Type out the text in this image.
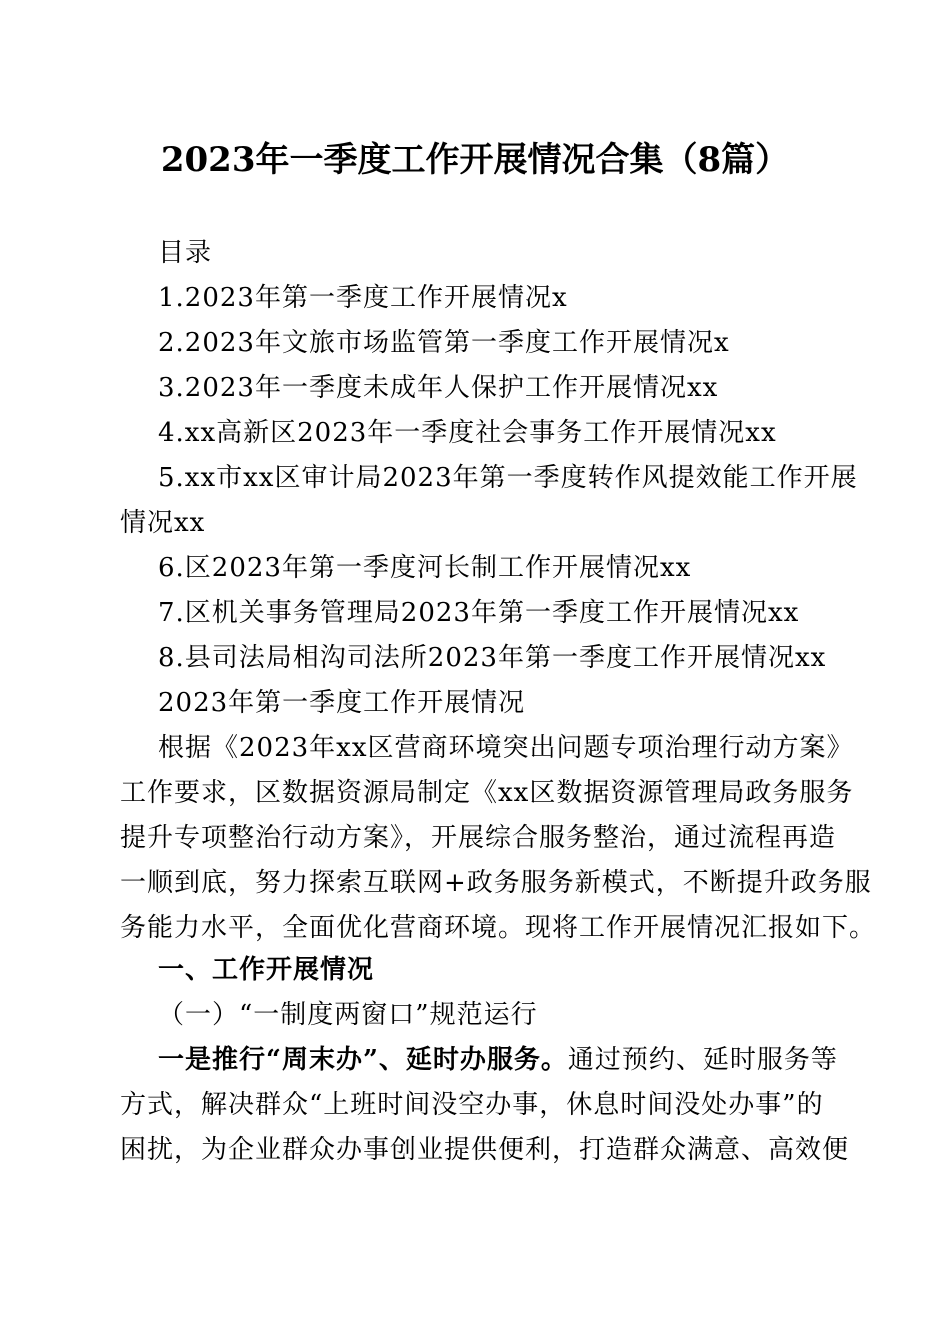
2023年一季度工作开展情况合集（8篇）
目录
1.2023年第一季度工作开展情况x
2.2023年文旅市场监管第一季度工作开展情况x
3.2023年一季度未成年人保护工作开展情况xx
4.xx高新区2023年一季度社会事务工作开展情况xx
5.xx市xx区审计局2023年第一季度转作风提效能工作开展
情况xx
6.区2023年第一季度河长制工作开展情况xx
7.区机关事务管理局2023年第一季度工作开展情况xx
8.县司法局相沟司法所2023年第一季度工作开展情况xx
2023年第一季度工作开展情况
根据《2023年xx区营商环境突出问题专项治理行动方案》
工作要求，区数据资源局制定《xx区数据资源管理局政务服务
提升专项整治行动方案》，开展综合服务整治，通过流程再造
一顺到底，努力探索互联网+政务服务新模式，不断提升政务服
务能力水平，全面优化营商环境。现将工作开展情况汇报如下。
一、工作开展情况
（一）“一制度两窗口”规范运行
一是推行“周末办”、延时办服务。通过预约、延时服务等
方式，解决群众“上班时间没空办事，休息时间没处办事”的
困扰，为企业群众办事创业提供便利，打造群众满意、高效便
